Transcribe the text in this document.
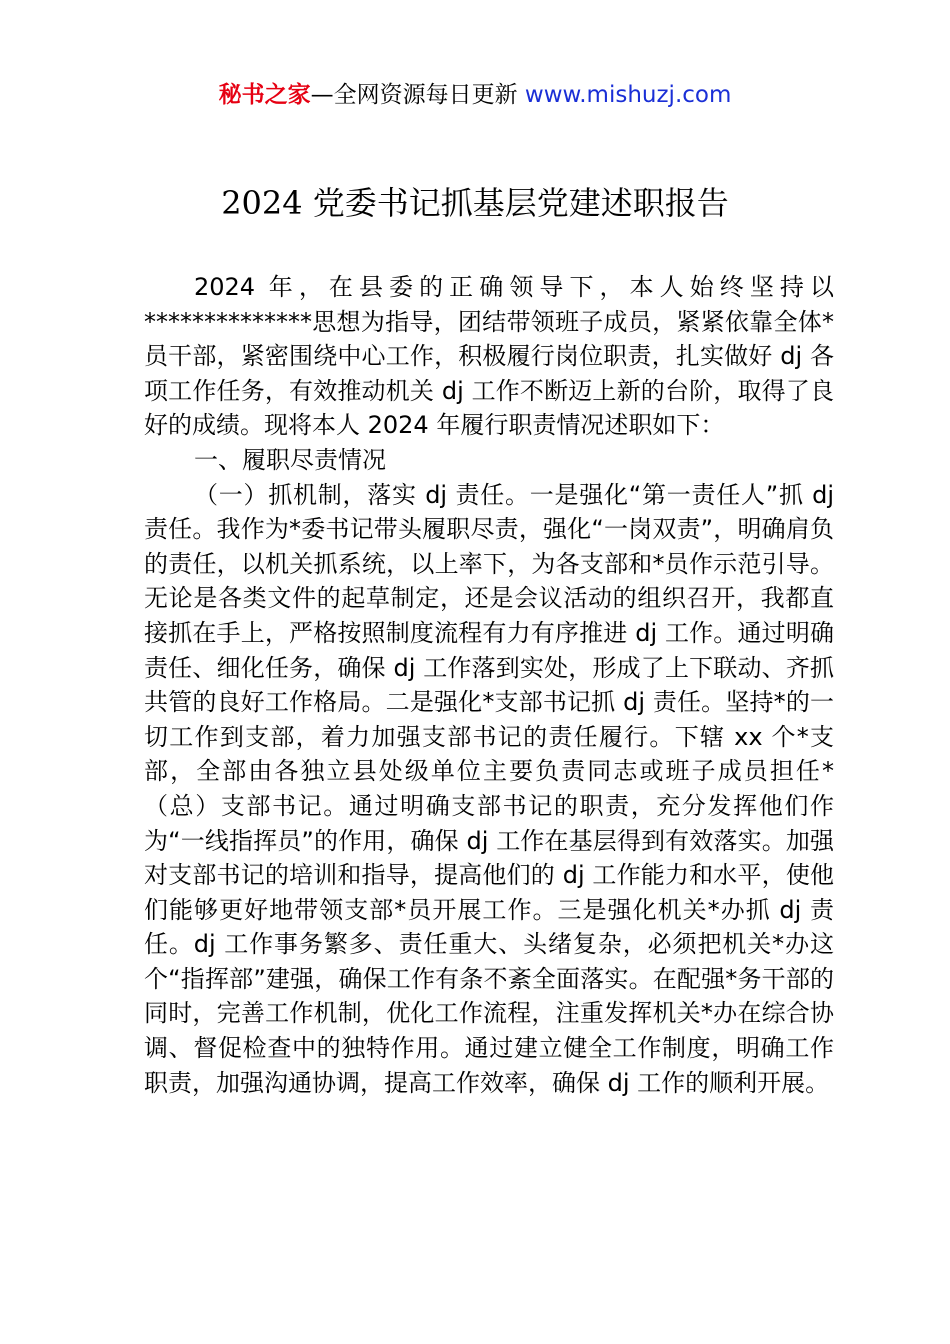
秘书之家—全网资源每日更新 www.mishuzj.com
2024 党委书记抓基层党建述职报告

2024 年，在县委的正确领导下，本人始终坚持以**************思想为指导，团结带领班子成员，紧紧依靠全体*员干部，紧密围绕中心工作，积极履行岗位职责，扎实做好 dj 各项工作任务，有效推动机关 dj 工作不断迈上新的台阶，取得了良好的成绩。现将本人 2024 年履行职责情况述职如下：

一、履职尽责情况

（一）抓机制，落实 dj 责任。一是强化“第一责任人”抓 dj 责任。我作为*委书记带头履职尽责，强化“一岗双责”，明确肩负的责任，以机关抓系统，以上率下，为各支部和*员作示范引导。无论是各类文件的起草制定，还是会议活动的组织召开，我都直接抓在手上，严格按照制度流程有力有序推进 dj 工作。通过明确责任、细化任务，确保 dj 工作落到实处，形成了上下联动、齐抓共管的良好工作格局。二是强化*支部书记抓 dj 责任。坚持*的一切工作到支部，着力加强支部书记的责任履行。下辖 xx 个*支部，全部由各独立县处级单位主要负责同志或班子成员担任*（总）支部书记。通过明确支部书记的职责，充分发挥他们作为“一线指挥员”的作用，确保 dj 工作在基层得到有效落实。加强对支部书记的培训和指导，提高他们的 dj 工作能力和水平，使他们能够更好地带领支部*员开展工作。三是强化机关*办抓 dj 责任。dj 工作事务繁多、责任重大、头绪复杂，必须把机关*办这个“指挥部”建强，确保工作有条不紊全面落实。在配强*务干部的同时，完善工作机制，优化工作流程，注重发挥机关*办在综合协调、督促检查中的独特作用。通过建立健全工作制度，明确工作职责，加强沟通协调，提高工作效率，确保 dj 工作的顺利开展。
